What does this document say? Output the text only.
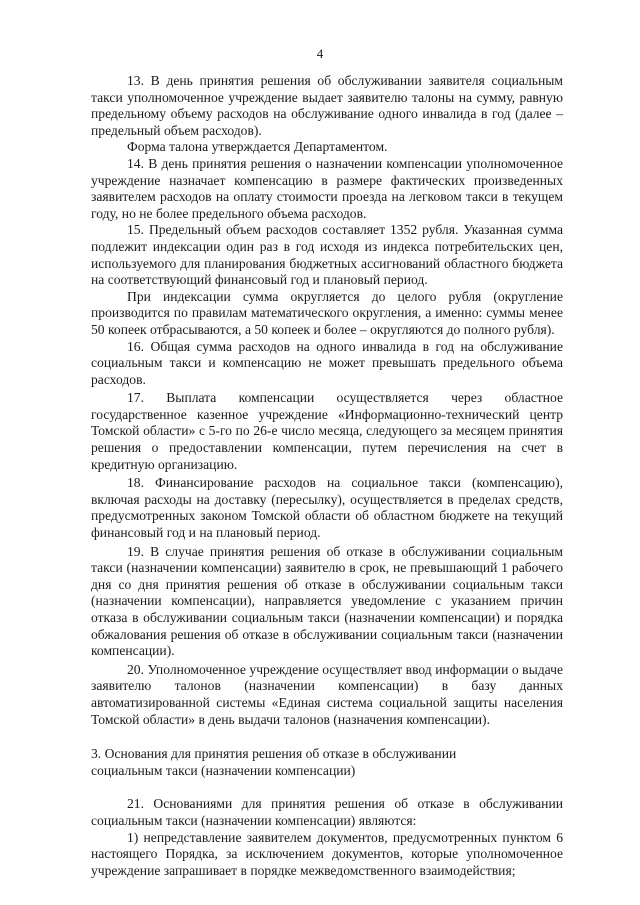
4

13. В день принятия решения об обслуживании заявителя социальным такси уполномоченное учреждение выдает заявителю талоны на сумму, равную предельному объему расходов на обслуживание одного инвалида в год (далее – предельный объем расходов).

Форма талона утверждается Департаментом.

14. В день принятия решения о назначении компенсации уполномоченное учреждение назначает компенсацию в размере фактических произведенных заявителем расходов на оплату стоимости проезда на легковом такси в текущем году, но не более предельного объема расходов.

15. Предельный объем расходов составляет 1352 рубля. Указанная сумма подлежит индексации один раз в год исходя из индекса потребительских цен, используемого для планирования бюджетных ассигнований областного бюджета на соответствующий финансовый год и плановый период.

При индексации сумма округляется до целого рубля (округление производится по правилам математического округления, а именно: суммы менее 50 копеек отбрасываются, а 50 копеек и более – округляются до полного рубля).

16. Общая сумма расходов на одного инвалида в год на обслуживание социальным такси и компенсацию не может превышать предельного объема расходов.

17. Выплата компенсации осуществляется через областное государственное казенное учреждение «Информационно-технический центр Томской области» с 5-го по 26-е число месяца, следующего за месяцем принятия решения о предоставлении компенсации, путем перечисления на счет в кредитную организацию.

18. Финансирование расходов на социальное такси (компенсацию), включая расходы на доставку (пересылку), осуществляется в пределах средств, предусмотренных законом Томской области об областном бюджете на текущий финансовый год и на плановый период.

19. В случае принятия решения об отказе в обслуживании социальным такси (назначении компенсации) заявителю в срок, не превышающий 1 рабочего дня со дня принятия решения об отказе в обслуживании социальным такси (назначении компенсации), направляется уведомление с указанием причин отказа в обслуживании социальным такси (назначении компенсации) и порядка обжалования решения об отказе в обслуживании социальным такси (назначении компенсации).

20. Уполномоченное учреждение осуществляет ввод информации о выдаче заявителю талонов (назначении компенсации) в базу данных автоматизированной системы «Единая система социальной защиты населения Томской области» в день выдачи талонов (назначения компенсации).

3. Основания для принятия решения об отказе в обслуживании
социальным такси (назначении компенсации)

21. Основаниями для принятия решения об отказе в обслуживании социальным такси (назначении компенсации) являются:

1) непредставление заявителем документов, предусмотренных пунктом 6 настоящего Порядка, за исключением документов, которые уполномоченное учреждение запрашивает в порядке межведомственного взаимодействия;
